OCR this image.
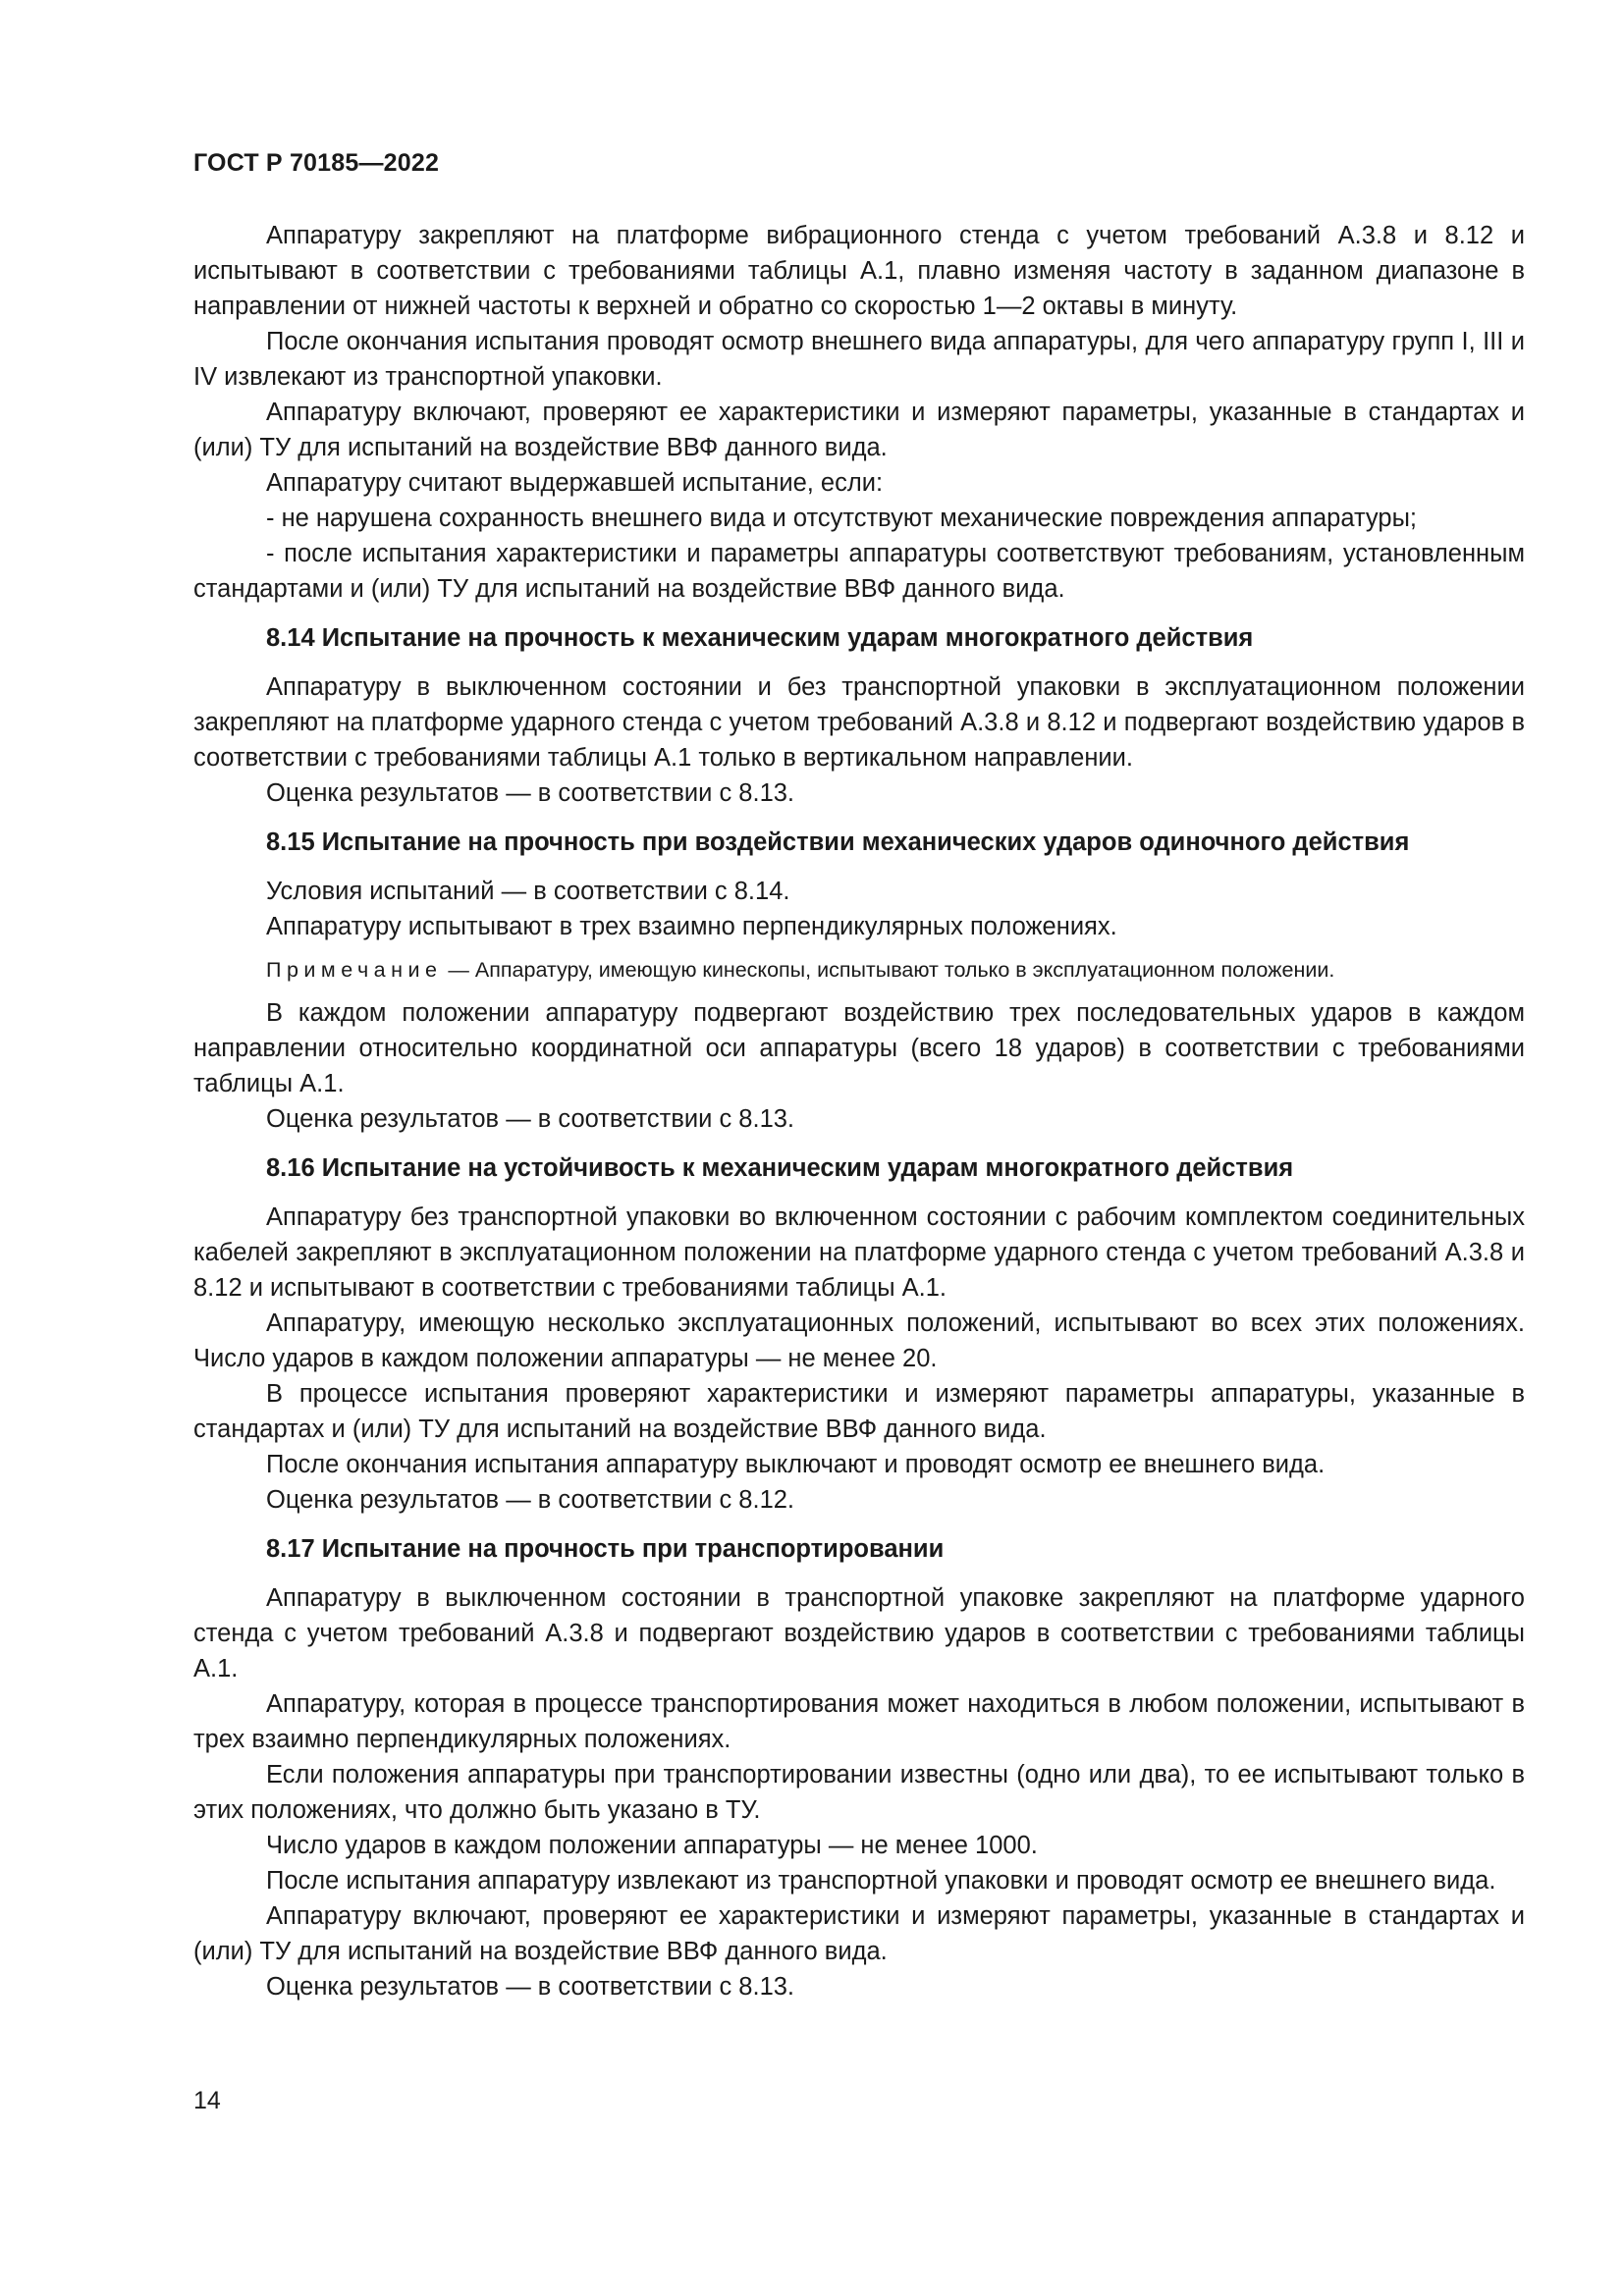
ГОСТ Р 70185—2022

Аппаратуру закрепляют на платформе вибрационного стенда с учетом требований А.3.8 и 8.12 и испытывают в соответствии с требованиями таблицы А.1, плавно изменяя частоту в заданном диапазоне в направлении от нижней частоты к верхней и обратно со скоростью 1—2 октавы в минуту.

После окончания испытания проводят осмотр внешнего вида аппаратуры, для чего аппаратуру групп I, III и IV извлекают из транспортной упаковки.

Аппаратуру включают, проверяют ее характеристики и измеряют параметры, указанные в стандартах и (или) ТУ для испытаний на воздействие ВВФ данного вида.

Аппаратуру считают выдержавшей испытание, если:

- не нарушена сохранность внешнего вида и отсутствуют механические повреждения аппаратуры;

- после испытания характеристики и параметры аппаратуры соответствуют требованиям, установленным стандартами и (или) ТУ для испытаний на воздействие ВВФ данного вида.

8.14 Испытание на прочность к механическим ударам многократного действия

Аппаратуру в выключенном состоянии и без транспортной упаковки в эксплуатационном положении закрепляют на платформе ударного стенда с учетом требований А.3.8 и 8.12 и подвергают воздействию ударов в соответствии с требованиями таблицы А.1 только в вертикальном направлении.

Оценка результатов — в соответствии с 8.13.

8.15 Испытание на прочность при воздействии механических ударов одиночного действия

Условия испытаний — в соответствии с 8.14.

Аппаратуру испытывают в трех взаимно перпендикулярных положениях.

Примечание — Аппаратуру, имеющую кинескопы, испытывают только в эксплуатационном положении.

В каждом положении аппаратуру подвергают воздействию трех последовательных ударов в каждом направлении относительно координатной оси аппаратуры (всего 18 ударов) в соответствии с требованиями таблицы А.1.

Оценка результатов — в соответствии с 8.13.

8.16 Испытание на устойчивость к механическим ударам многократного действия

Аппаратуру без транспортной упаковки во включенном состоянии с рабочим комплектом соединительных кабелей закрепляют в эксплуатационном положении на платформе ударного стенда с учетом требований А.3.8 и 8.12 и испытывают в соответствии с требованиями таблицы А.1.

Аппаратуру, имеющую несколько эксплуатационных положений, испытывают во всех этих положениях. Число ударов в каждом положении аппаратуры — не менее 20.

В процессе испытания проверяют характеристики и измеряют параметры аппаратуры, указанные в стандартах и (или) ТУ для испытаний на воздействие ВВФ данного вида.

После окончания испытания аппаратуру выключают и проводят осмотр ее внешнего вида.

Оценка результатов — в соответствии с 8.12.

8.17 Испытание на прочность при транспортировании

Аппаратуру в выключенном состоянии в транспортной упаковке закрепляют на платформе ударного стенда с учетом требований А.3.8 и подвергают воздействию ударов в соответствии с требованиями таблицы А.1.

Аппаратуру, которая в процессе транспортирования может находиться в любом положении, испытывают в трех взаимно перпендикулярных положениях.

Если положения аппаратуры при транспортировании известны (одно или два), то ее испытывают только в этих положениях, что должно быть указано в ТУ.

Число ударов в каждом положении аппаратуры — не менее 1000.

После испытания аппаратуру извлекают из транспортной упаковки и проводят осмотр ее внешнего вида.

Аппаратуру включают, проверяют ее характеристики и измеряют параметры, указанные в стандартах и (или) ТУ для испытаний на воздействие ВВФ данного вида.

Оценка результатов — в соответствии с 8.13.

14
